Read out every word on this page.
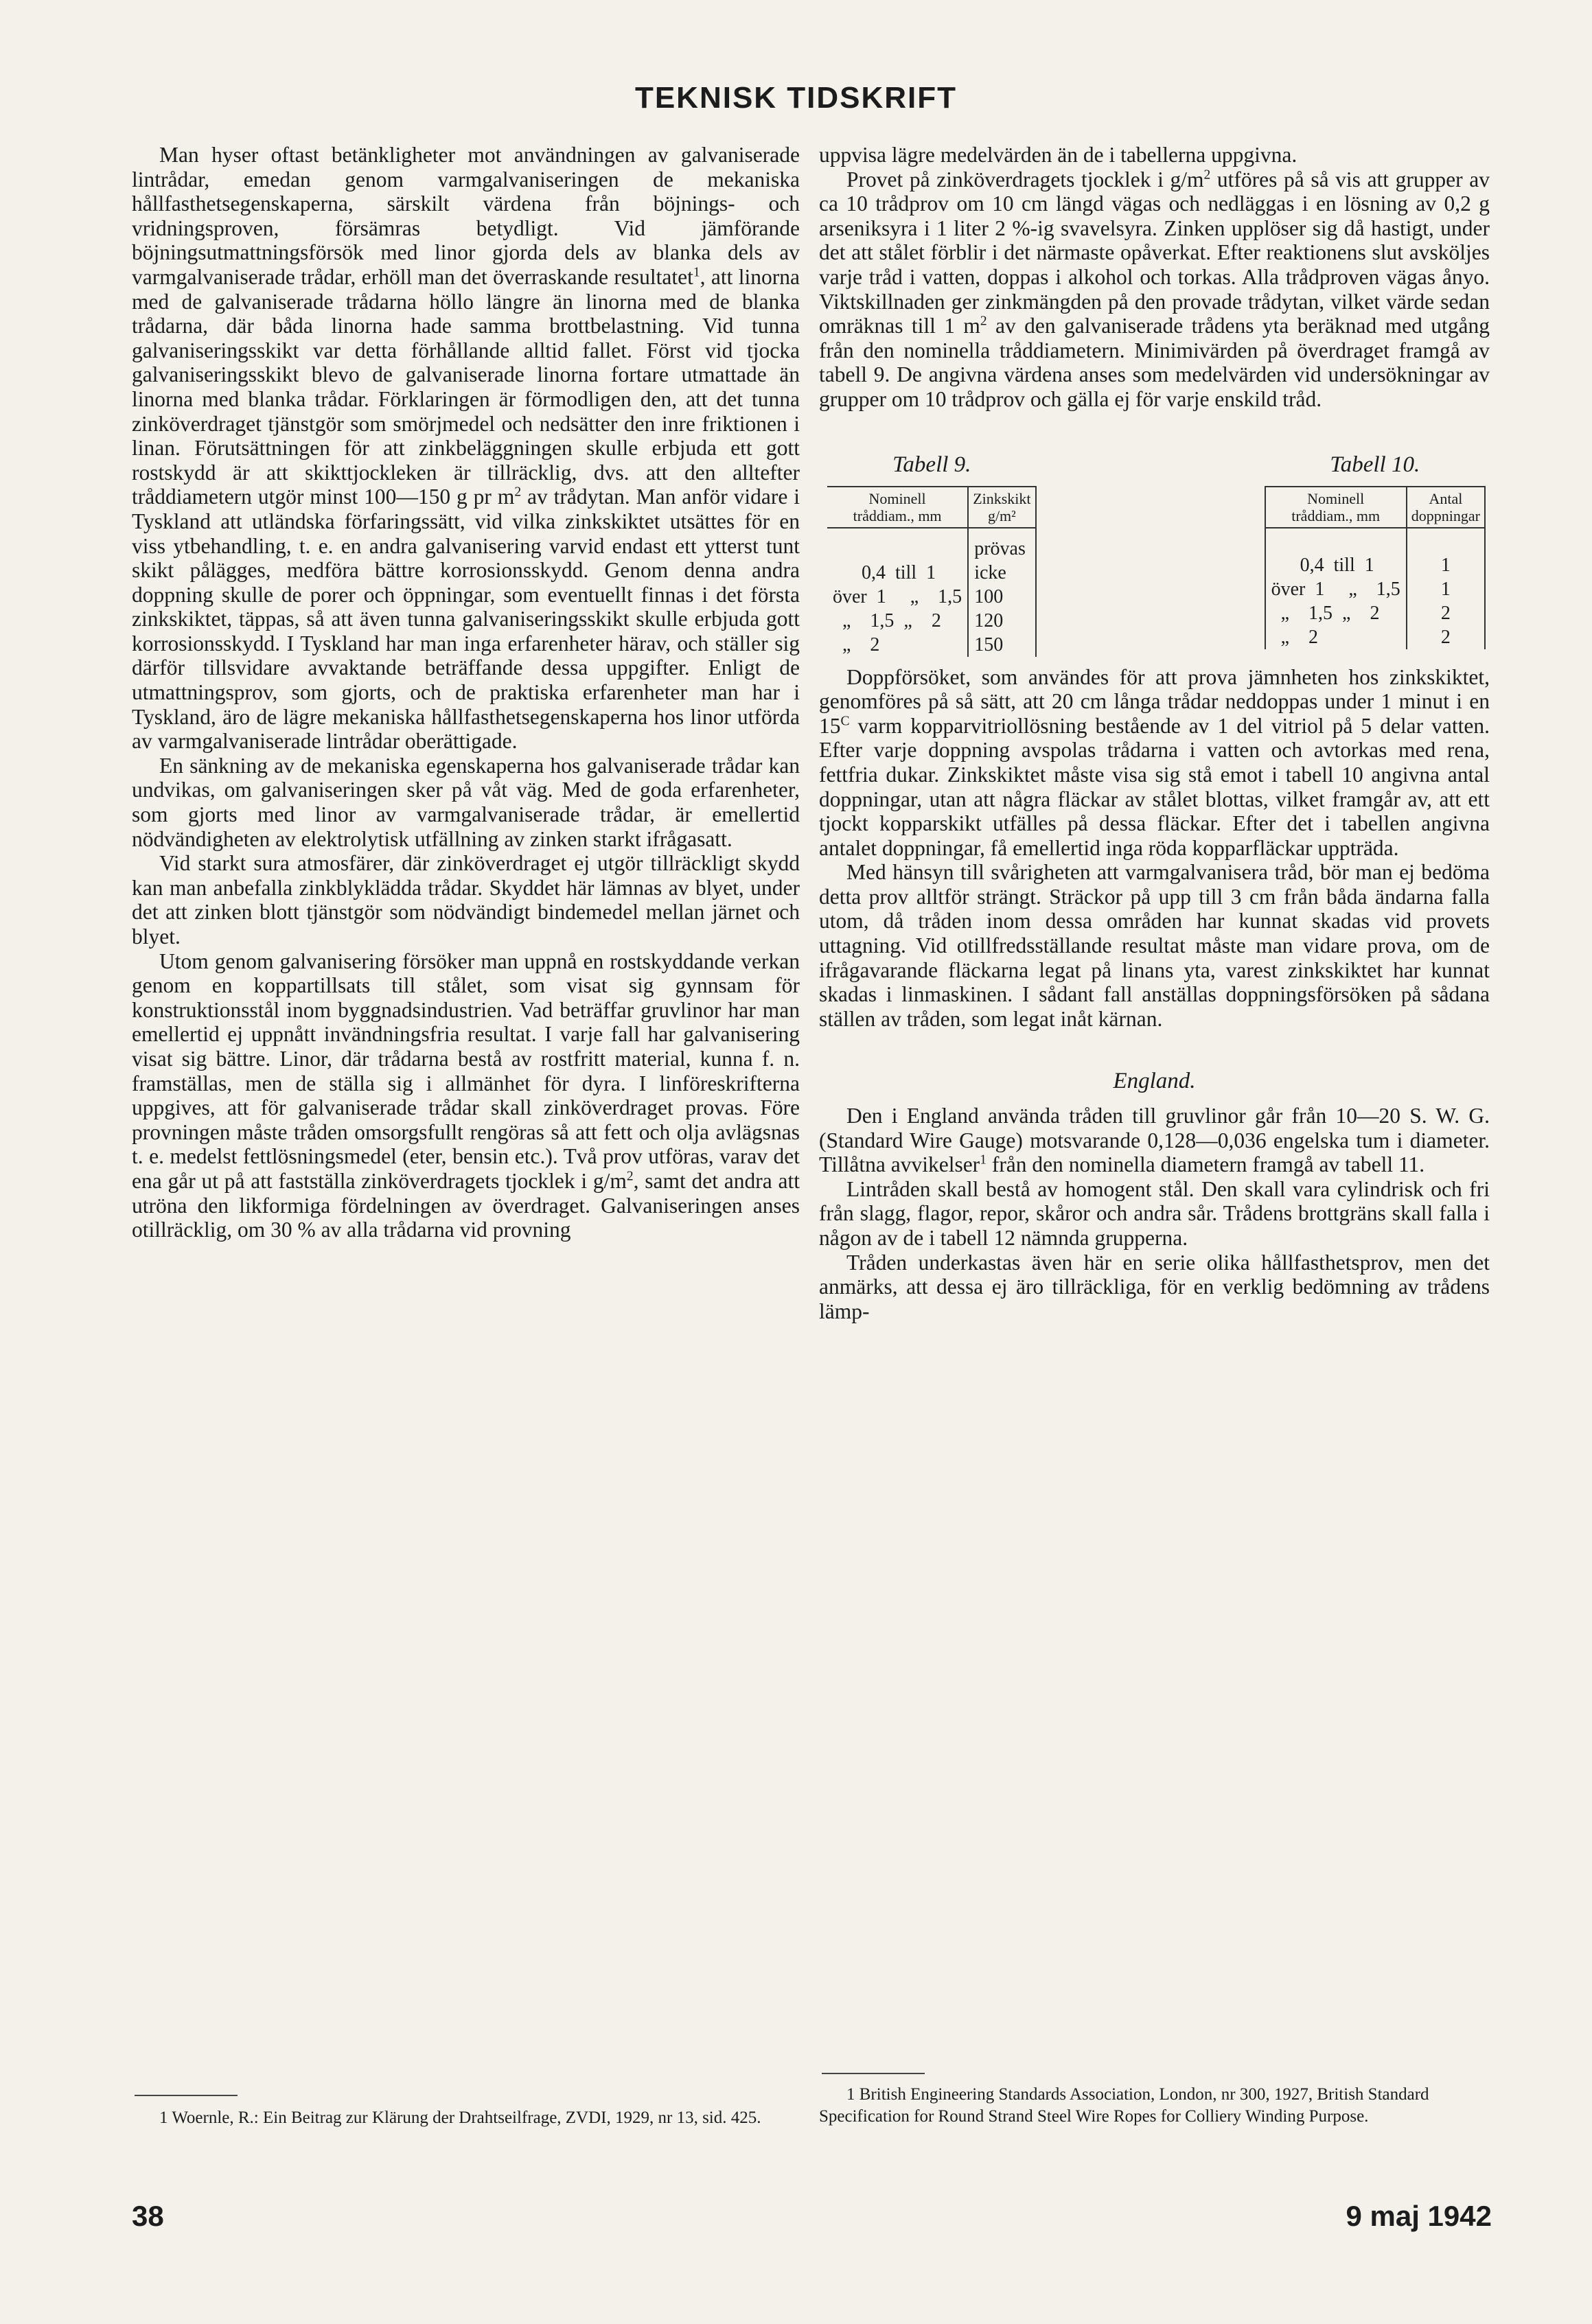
TEKNISK TIDSKRIFT

Man hyser oftast betänkligheter mot användningen av galvaniserade lintrådar, emedan genom varmgalvaniseringen de mekaniska hållfasthetsegenskaperna, särskilt värdena från böjnings- och vridningsproven, försämras betydligt. Vid jämförande böjningsutmattningsförsök med linor gjorda dels av blanka dels av varmgalvaniserade trådar, erhöll man det överraskande resultatet$^1$, att linorna med de galvaniserade trådarna höllo längre än linorna med de blanka trådarna, där båda linorna hade samma brottbelastning. Vid tunna galvaniseringsskikt var detta förhållande alltid fallet. Först vid tjocka galvaniseringsskikt blevo de galvaniserade linorna fortare utmattade än linorna med blanka trådar. Förklaringen är förmodligen den, att det tunna zinköverdraget tjänstgör som smörjmedel och nedsätter den inre friktionen i linan. Förutsättningen för att zinkbeläggningen skulle erbjuda ett gott rostskydd är att skikttjockleken är tillräcklig, dvs. att den alltefter tråddiametern utgör minst 100—150 g pr $m^2$ av trådytan. Man anför vidare i Tyskland att utländska förfaringssätt, vid vilka zinkskiktet utsättes för en viss ytbehandling, t. e. en andra galvanisering varvid endast ett ytterst tunt skikt pålägges, medföra bättre korrosionsskydd. Genom denna andra doppning skulle de porer och öppningar, som eventuellt finnas i det första zinkskiktet, täppas, så att även tunna galvaniseringsskikt skulle erbjuda gott korrosionsskydd. I Tyskland har man inga erfarenheter härav, och ställer sig därför tillsvidare avvaktande beträffande dessa uppgifter. Enligt de utmattningsprov, som gjorts, och de praktiska erfarenheter man har i Tyskland, äro de lägre mekaniska hållfasthetsegenskaperna hos linor utförda av varmgalvaniserade lintrådar oberättigade.

En sänkning av de mekaniska egenskaperna hos galvaniserade trådar kan undvikas, om galvaniseringen sker på våt väg. Med de goda erfarenheter, som gjorts med linor av varmgalvaniserade trådar, är emellertid nödvändigheten av elektrolytisk utfällning av zinken starkt ifrågasatt.

Vid starkt sura atmosfärer, där zinköverdraget ej utgör tillräckligt skydd kan man anbefalla zinkblyklädda trådar. Skyddet här lämnas av blyet, under det att zinken blott tjänstgör som nödvändigt bindemedel mellan järnet och blyet.

Utom genom galvanisering försöker man uppnå en rostskyddande verkan genom en koppartillsats till stålet, som visat sig gynnsam för konstruktionsstål inom byggnadsindustrien. Vad beträffar gruvlinor har man emellertid ej uppnått invändningsfria resultat. I varje fall har galvanisering visat sig bättre. Linor, där trådarna bestå av rostfritt material, kunna f. n. framställas, men de ställa sig i allmänhet för dyra. I linföreskrifterna uppgives, att för galvaniserade trådar skall zinköverdraget provas. Före provningen måste tråden omsorgsfullt rengöras så att fett och olja avlägsnas t. e. medelst fettlösningsmedel (eter, bensin etc.). Två prov utföras, varav det ena går ut på att fastställa zinköverdragets tjocklek i $g/m^2$, samt det andra att utröna den likformiga fördelningen av överdraget. Galvaniseringen anses otillräcklig, om 30 % av alla trådarna vid provning

uppvisa lägre medelvärden än de i tabellerna uppgivna.

Provet på zinköverdragets tjocklek i $g/m^2$ utföres på så vis att grupper av ca 10 trådprov om 10 cm längd vägas och nedläggas i en lösning av 0,2 g arseniksyra i 1 liter 2 %-ig svavelsyra. Zinken upplöser sig då hastigt, under det att stålet förblir i det närmaste opåverkat. Efter reaktionens slut avsköljes varje tråd i vatten, doppas i alkohol och torkas. Alla trådproven vägas ånyo. Viktskillnaden ger zinkmängden på den provade trådytan, vilket värde sedan omräknas till 1 $m^2$ av den galvaniserade trådens yta beräknad med utgång från den nominella tråddiametern. Minimivärden på överdraget framgå av tabell 9. De angivna värdena anses som medelvärden vid undersökningar av grupper om 10 trådprov och gälla ej för varje enskild tråd.

Tabell 9.
Nominell
tråddiam., mm	Zinkskikt
g/m²

	prövas
0,4  till  1	icke
över  1     „    1,5	100
„    1,5  „    2	120
„    2	150
Tabell 10.
Nominell
tråddiam., mm	Antal
doppningar

0,4  till  1	1
över  1     „    1,5	1
„    1,5  „    2	2
„    2	2

Doppförsöket, som användes för att prova jämnheten hos zinkskiktet, genomföres på så sätt, att 20 cm långa trådar neddoppas under 1 minut i en $15^C$ varm kopparvitriollösning bestående av 1 del vitriol på 5 delar vatten. Efter varje doppning avspolas trådarna i vatten och avtorkas med rena, fettfria dukar. Zinkskiktet måste visa sig stå emot i tabell 10 angivna antal doppningar, utan att några fläckar av stålet blottas, vilket framgår av, att ett tjockt kopparskikt utfälles på dessa fläckar. Efter det i tabellen angivna antalet doppningar, få emellertid inga röda kopparfläckar uppträda.

Med hänsyn till svårigheten att varmgalvanisera tråd, bör man ej bedöma detta prov alltför strängt. Sträckor på upp till 3 cm från båda ändarna falla utom, då tråden inom dessa områden har kunnat skadas vid provets uttagning. Vid otillfredsställande resultat måste man vidare prova, om de ifrågavarande fläckarna legat på linans yta, varest zinkskiktet har kunnat skadas i linmaskinen. I sådant fall anställas doppningsförsöken på sådana ställen av tråden, som legat inåt kärnan.

England.

Den i England använda tråden till gruvlinor går från 10—20 S. W. G. (Standard Wire Gauge) motsvarande 0,128—0,036 engelska tum i diameter. Tillåtna avvikelser$^1$ från den nominella diametern framgå av tabell 11.

Lintråden skall bestå av homogent stål. Den skall vara cylindrisk och fri från slagg, flagor, repor, skåror och andra sår. Trådens brottgräns skall falla i någon av de i tabell 12 nämnda grupperna.

Tråden underkastas även här en serie olika hållfasthetsprov, men det anmärks, att dessa ej äro tillräckliga, för en verklig bedömning av trådens lämp-

1 Woernle, R.: Ein Beitrag zur Klärung der Drahtseilfrage, ZVDI, 1929, nr 13, sid. 425.
1 British Engineering Standards Association, London, nr 300, 1927, British Standard Specification for Round Strand Steel Wire Ropes for Colliery Winding Purpose.
38	9 maj 1942
